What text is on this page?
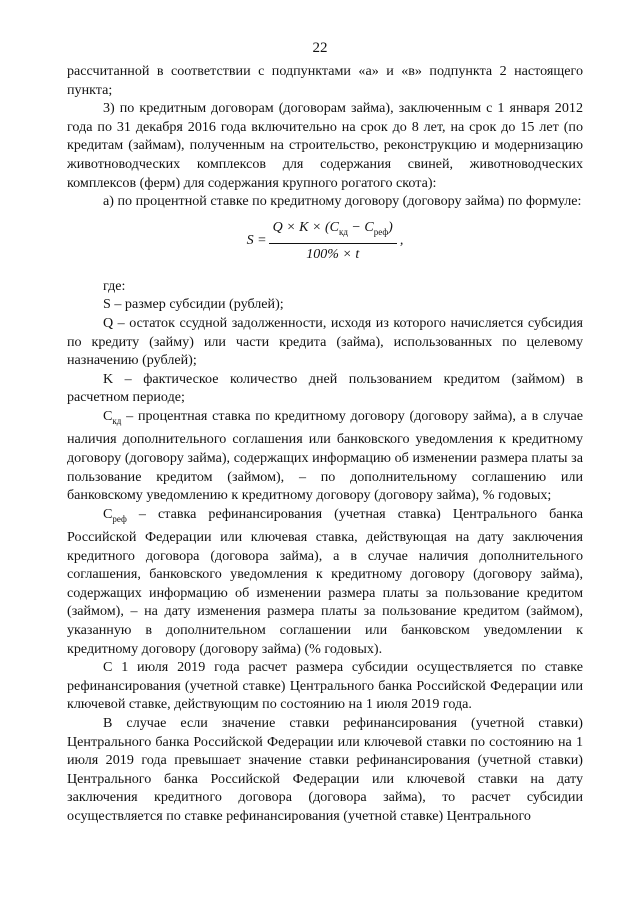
22

рассчитанной в соответствии с подпунктами «а» и «в» подпункта 2 настоящего пункта;

3) по кредитным договорам (договорам займа), заключенным с 1 января 2012 года по 31 декабря 2016 года включительно на срок до 8 лет, на срок до 15 лет (по кредитам (займам), полученным на строительство, реконструкцию и модернизацию животноводческих комплексов для содержания свиней, животноводческих комплексов (ферм) для содержания крупного рогатого скота):

а) по процентной ставке по кредитному договору (договору займа) по формуле:

$S = \frac{Q \times K \times (C_{кд} - C_{реф})}{100\% \times t}$ ,

где:

S – размер субсидии (рублей);

Q – остаток ссудной задолженности, исходя из которого начисляется субсидия по кредиту (займу) или части кредита (займа), использованных по целевому назначению (рублей);

K – фактическое количество дней пользованием кредитом (займом) в расчетном периоде;

$С_{кд}$ – процентная ставка по кредитному договору (договору займа), а в случае наличия дополнительного соглашения или банковского уведомления к кредитному договору (договору займа), содержащих информацию об изменении размера платы за пользование кредитом (займом), – по дополнительному соглашению или банковскому уведомлению к кредитному договору (договору займа), % годовых;

$С_{реф}$ – ставка рефинансирования (учетная ставка) Центрального банка Российской Федерации или ключевая ставка, действующая на дату заключения кредитного договора (договора займа), а в случае наличия дополнительного соглашения, банковского уведомления к кредитному договору (договору займа), содержащих информацию об изменении размера платы за пользование кредитом (займом), – на дату изменения размера платы за пользование кредитом (займом), указанную в дополнительном соглашении или банковском уведомлении к кредитному договору (договору займа) (% годовых).

С 1 июля 2019 года расчет размера субсидии осуществляется по ставке рефинансирования (учетной ставке) Центрального банка Российской Федерации или ключевой ставке, действующим по состоянию на 1 июля 2019 года.

В случае если значение ставки рефинансирования (учетной ставки) Центрального банка Российской Федерации или ключевой ставки по состоянию на 1 июля 2019 года превышает значение ставки рефинансирования (учетной ставки) Центрального банка Российской Федерации или ключевой ставки на дату заключения кредитного договора (договора займа), то расчет субсидии осуществляется по ставке рефинансирования (учетной ставке) Центрального
